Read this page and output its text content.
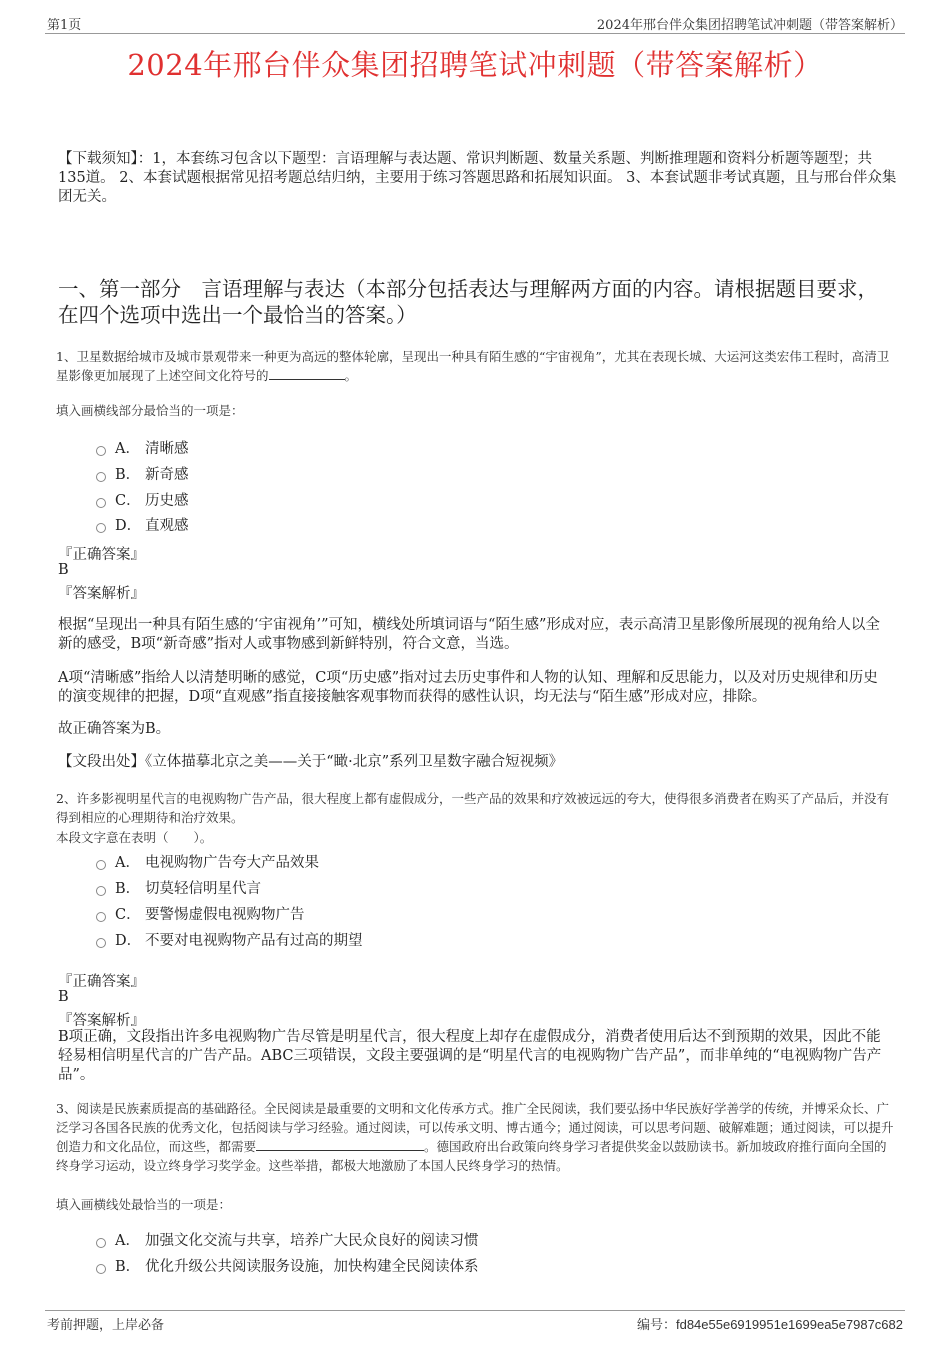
第1页	2024年邢台伴众集团招聘笔试冲刺题（带答案解析）
2024年邢台伴众集团招聘笔试冲刺题（带答案解析）
【下载须知】：1，本套练习包含以下题型：言语理解与表达题、常识判断题、数量关系题、判断推理题和资料分析题等题型；共135道。 2、本套试题根据常见招考题总结归纳，主要用于练习答题思路和拓展知识面。 3、本套试题非考试真题，且与邢台伴众集团无关。
一、第一部分　言语理解与表达（本部分包括表达与理解两方面的内容。请根据题目要求，在四个选项中选出一个最恰当的答案。）
1、卫星数据给城市及城市景观带来一种更为高远的整体轮廓，呈现出一种具有陌生感的“宇宙视角”，尤其在表现长城、大运河这类宏伟工程时，高清卫星影像更加展现了上述空间文化符号的	。
填入画横线部分最恰当的一项是：
A． 清晰感
B． 新奇感
C． 历史感
D． 直观感
『正确答案』
B
『答案解析』
根据“呈现出一种具有陌生感的‘宇宙视角’”可知，横线处所填词语与“陌生感”形成对应，表示高清卫星影像所展现的视角给人以全新的感受，B项“新奇感”指对人或事物感到新鲜特别，符合文意，当选。
A项“清晰感”指给人以清楚明晰的感觉，C项“历史感”指对过去历史事件和人物的认知、理解和反思能力，以及对历史规律和历史的演变规律的把握，D项“直观感”指直接接触客观事物而获得的感性认识，均无法与“陌生感”形成对应，排除。
故正确答案为B。
【文段出处】《立体描摹北京之美——关于“瞰·北京”系列卫星数字融合短视频》
2、许多影视明星代言的电视购物广告产品，很大程度上都有虚假成分，一些产品的效果和疗效被远远的夸大，使得很多消费者在购买了产品后，并没有得到相应的心理期待和治疗效果。
本段文字意在表明（　　）。
A． 电视购物广告夸大产品效果
B． 切莫轻信明星代言
C． 要警惕虚假电视购物广告
D． 不要对电视购物产品有过高的期望
『正确答案』
B
『答案解析』
B项正确，文段指出许多电视购物广告尽管是明星代言，很大程度上却存在虚假成分，消费者使用后达不到预期的效果，因此不能轻易相信明星代言的广告产品。ABC三项错误，文段主要强调的是“明星代言的电视购物广告产品”，而非单纯的“电视购物广告产品”。
3、阅读是民族素质提高的基础路径。全民阅读是最重要的文明和文化传承方式。推广全民阅读，我们要弘扬中华民族好学善学的传统，并博采众长、广泛学习各国各民族的优秀文化，包括阅读与学习经验。通过阅读，可以传承文明、博古通今；通过阅读，可以思考问题、破解难题；通过阅读，可以提升创造力和文化品位，而这些，都需要	。德国政府出台政策向终身学习者提供奖金以鼓励读书。新加坡政府推行面向全国的终身学习运动，设立终身学习奖学金。这些举措，都极大地激励了本国人民终身学习的热情。
填入画横线处最恰当的一项是：
A． 加强文化交流与共享，培养广大民众良好的阅读习惯
B． 优化升级公共阅读服务设施，加快构建全民阅读体系
考前押题，上岸必备	编号：fd84e55e6919951e1699ea5e7987c682
